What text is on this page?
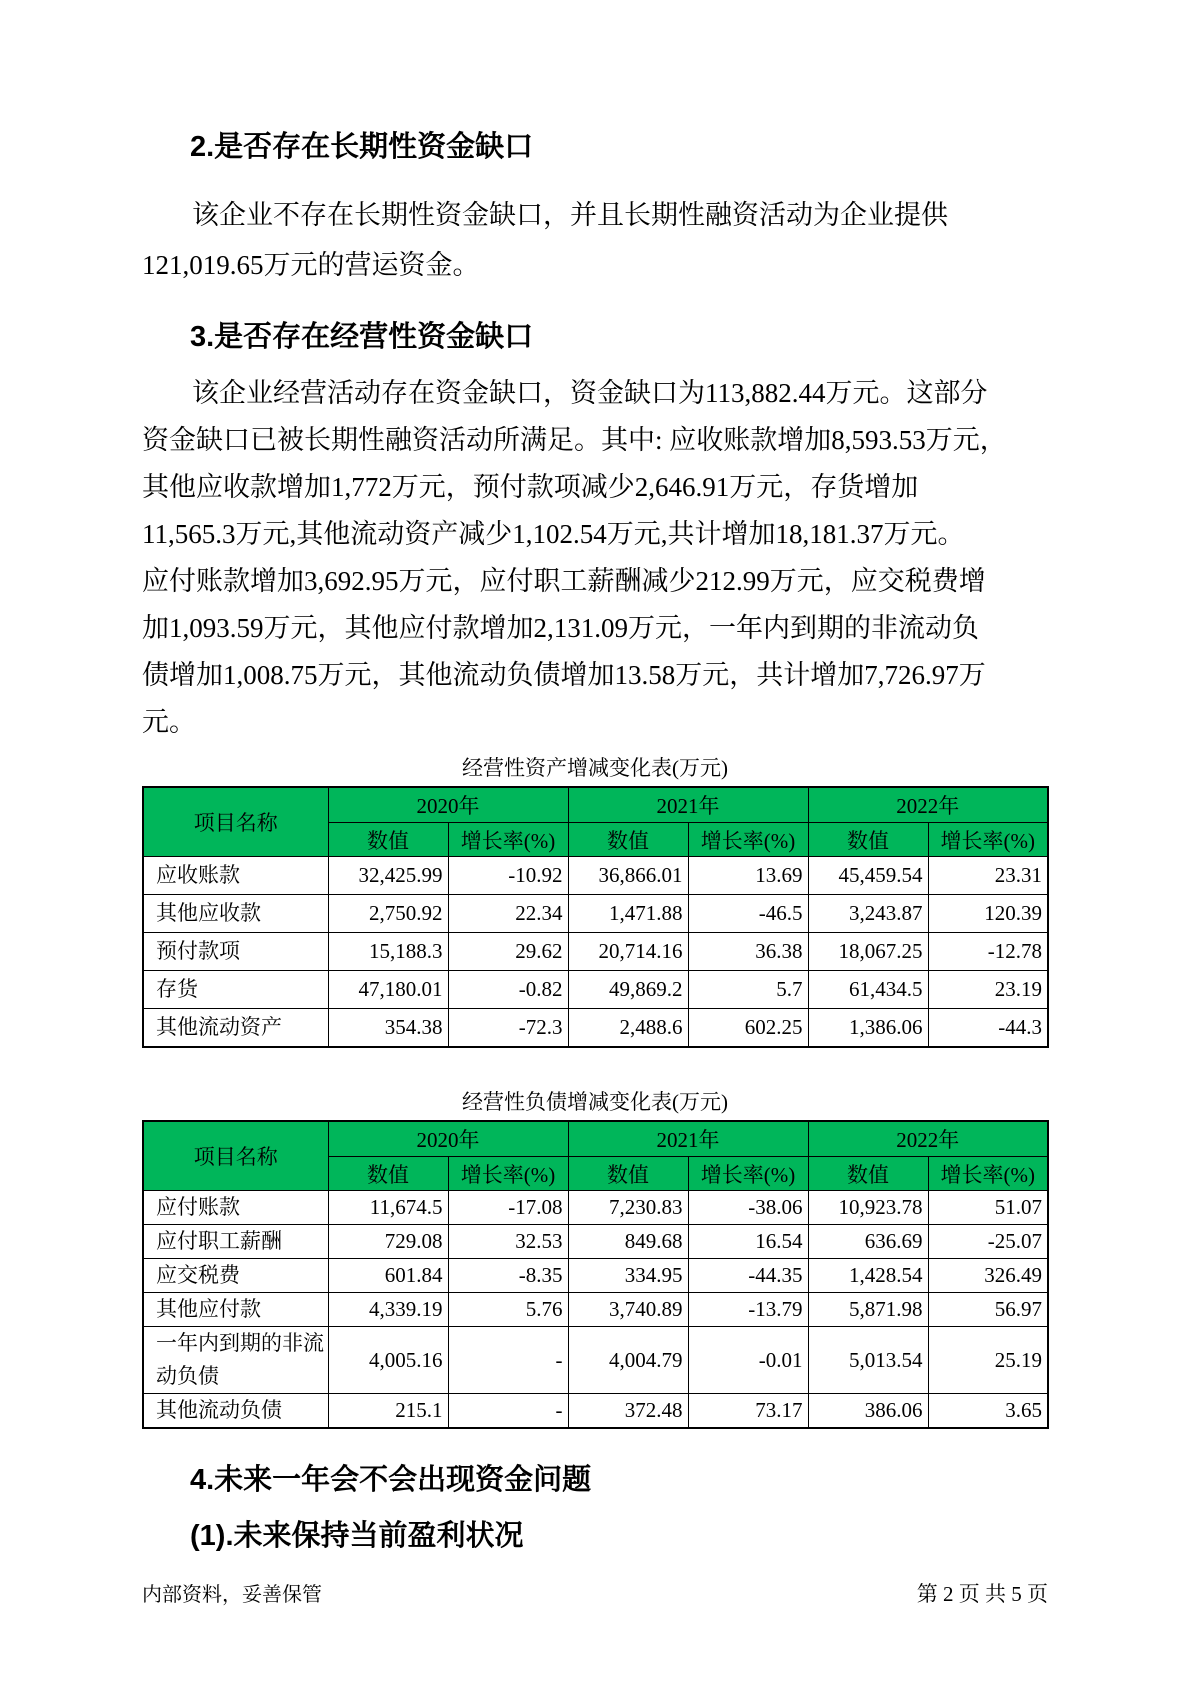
2.是否存在长期性资金缺口
该企业不存在长期性资金缺口，并且长期性融资活动为企业提供
121,019.65万元的营运资金。
3.是否存在经营性资金缺口
该企业经营活动存在资金缺口，资金缺口为113,882.44万元。这部分
资金缺口已被长期性融资活动所满足。其中: 应收账款增加8,593.53万元，
其他应收款增加1,772万元，预付款项减少2,646.91万元，存货增加
11,565.3万元,其他流动资产减少1,102.54万元,共计增加18,181.37万元。
应付账款增加3,692.95万元，应付职工薪酬减少212.99万元，应交税费增
加1,093.59万元，其他应付款增加2,131.09万元，一年内到期的非流动负
债增加1,008.75万元，其他流动负债增加13.58万元，共计增加7,726.97万
元。
经营性资产增减变化表(万元)
项目名称	2020年		2021年		2022年	
	数值	增长率(%)	数值	增长率(%)	数值	增长率(%)
应收账款	32,425.99	-10.92	36,866.01	13.69	45,459.54	23.31
其他应收款	2,750.92	22.34	1,471.88	-46.5	3,243.87	120.39
预付款项	15,188.3	29.62	20,714.16	36.38	18,067.25	-12.78
存货	47,180.01	-0.82	49,869.2	5.7	61,434.5	23.19
其他流动资产	354.38	-72.3	2,488.6	602.25	1,386.06	-44.3
经营性负债增减变化表(万元)
项目名称	2020年		2021年		2022年	
	数值	增长率(%)	数值	增长率(%)	数值	增长率(%)
应付账款	11,674.5	-17.08	7,230.83	-38.06	10,923.78	51.07
应付职工薪酬	729.08	32.53	849.68	16.54	636.69	-25.07
应交税费	601.84	-8.35	334.95	-44.35	1,428.54	326.49
其他应付款	4,339.19	5.76	3,740.89	-13.79	5,871.98	56.97
一年内到期的非流动负债	4,005.16	-	4,004.79	-0.01	5,013.54	25.19
其他流动负债	215.1	-	372.48	73.17	386.06	3.65
4.未来一年会不会出现资金问题
(1).未来保持当前盈利状况
内部资料，妥善保管	第 2 页 共 5 页
